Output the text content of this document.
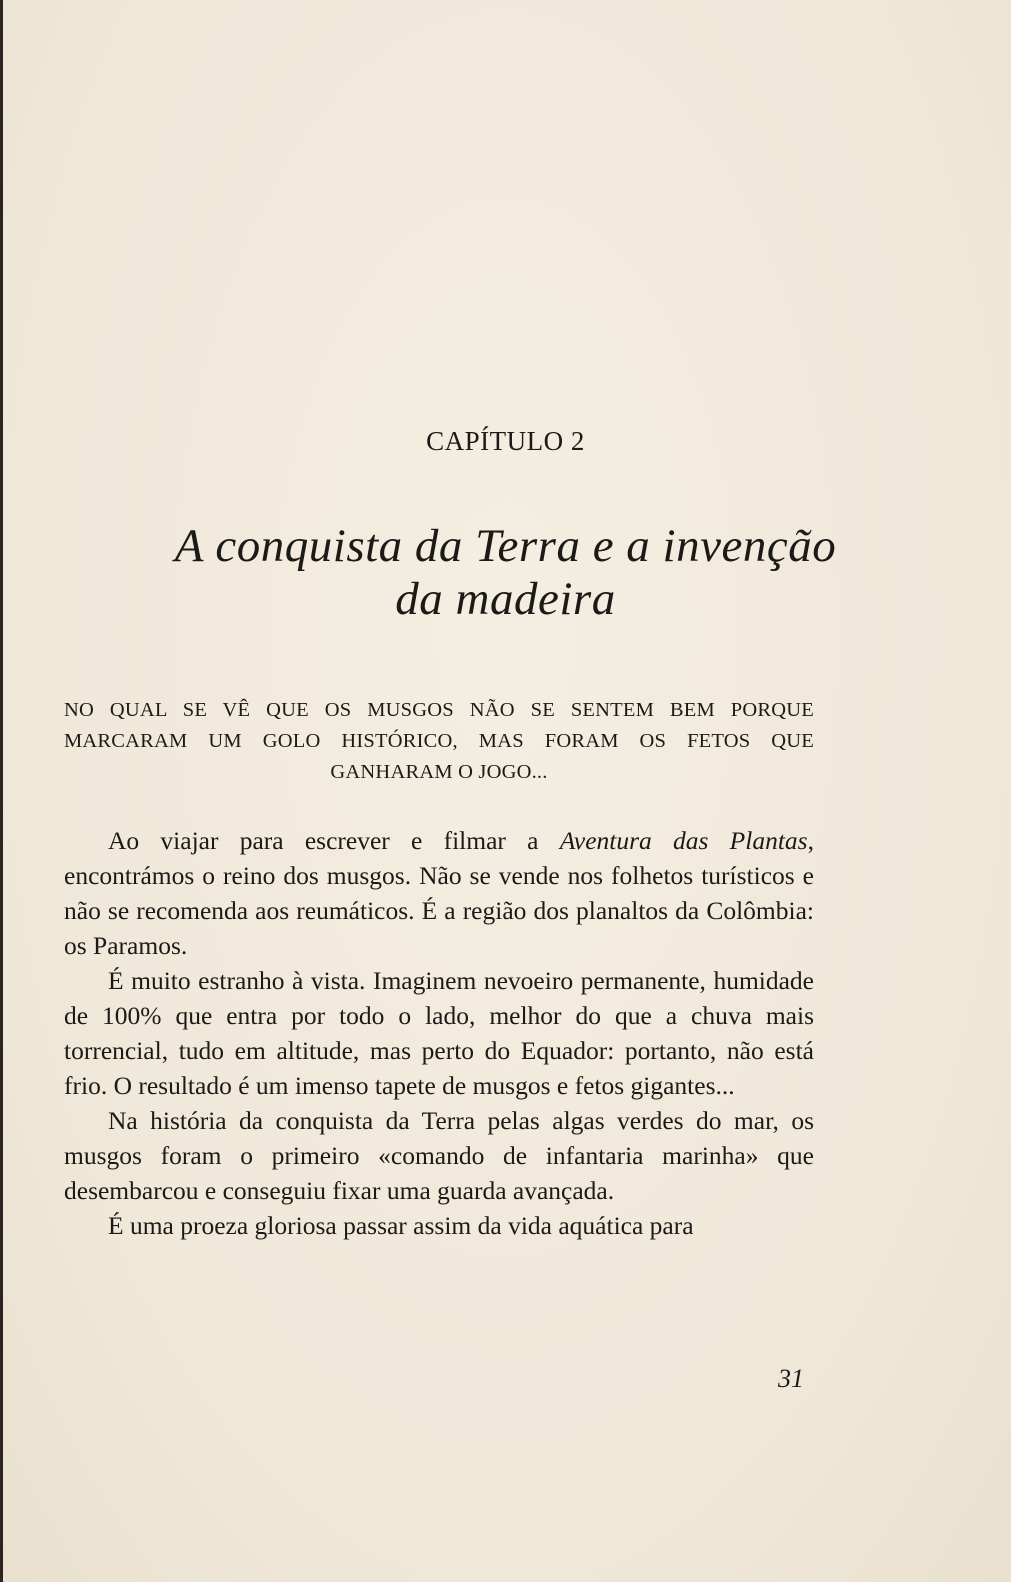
CAPÍTULO 2
A conquista da Terra e a invenção
da madeira
NO QUAL SE VÊ QUE OS MUSGOS NÃO SE SENTEM BEM PORQUE MARCARAM UM GOLO HISTÓRICO, MAS FORAM OS FETOS QUE GANHARAM O JOGO...

Ao viajar para escrever e filmar a Aventura das Plantas, encontrámos o reino dos musgos. Não se vende nos folhetos turísticos e não se recomenda aos reumáticos. É a região dos planaltos da Colômbia: os Paramos.

É muito estranho à vista. Imaginem nevoeiro permanente, humidade de 100% que entra por todo o lado, melhor do que a chuva mais torrencial, tudo em altitude, mas perto do Equador: portanto, não está frio. O resultado é um imenso tapete de musgos e fetos gigantes...

Na história da conquista da Terra pelas algas verdes do mar, os musgos foram o primeiro «comando de infantaria marinha» que desembarcou e conseguiu fixar uma guarda avançada.

É uma proeza gloriosa passar assim da vida aquática para

31
